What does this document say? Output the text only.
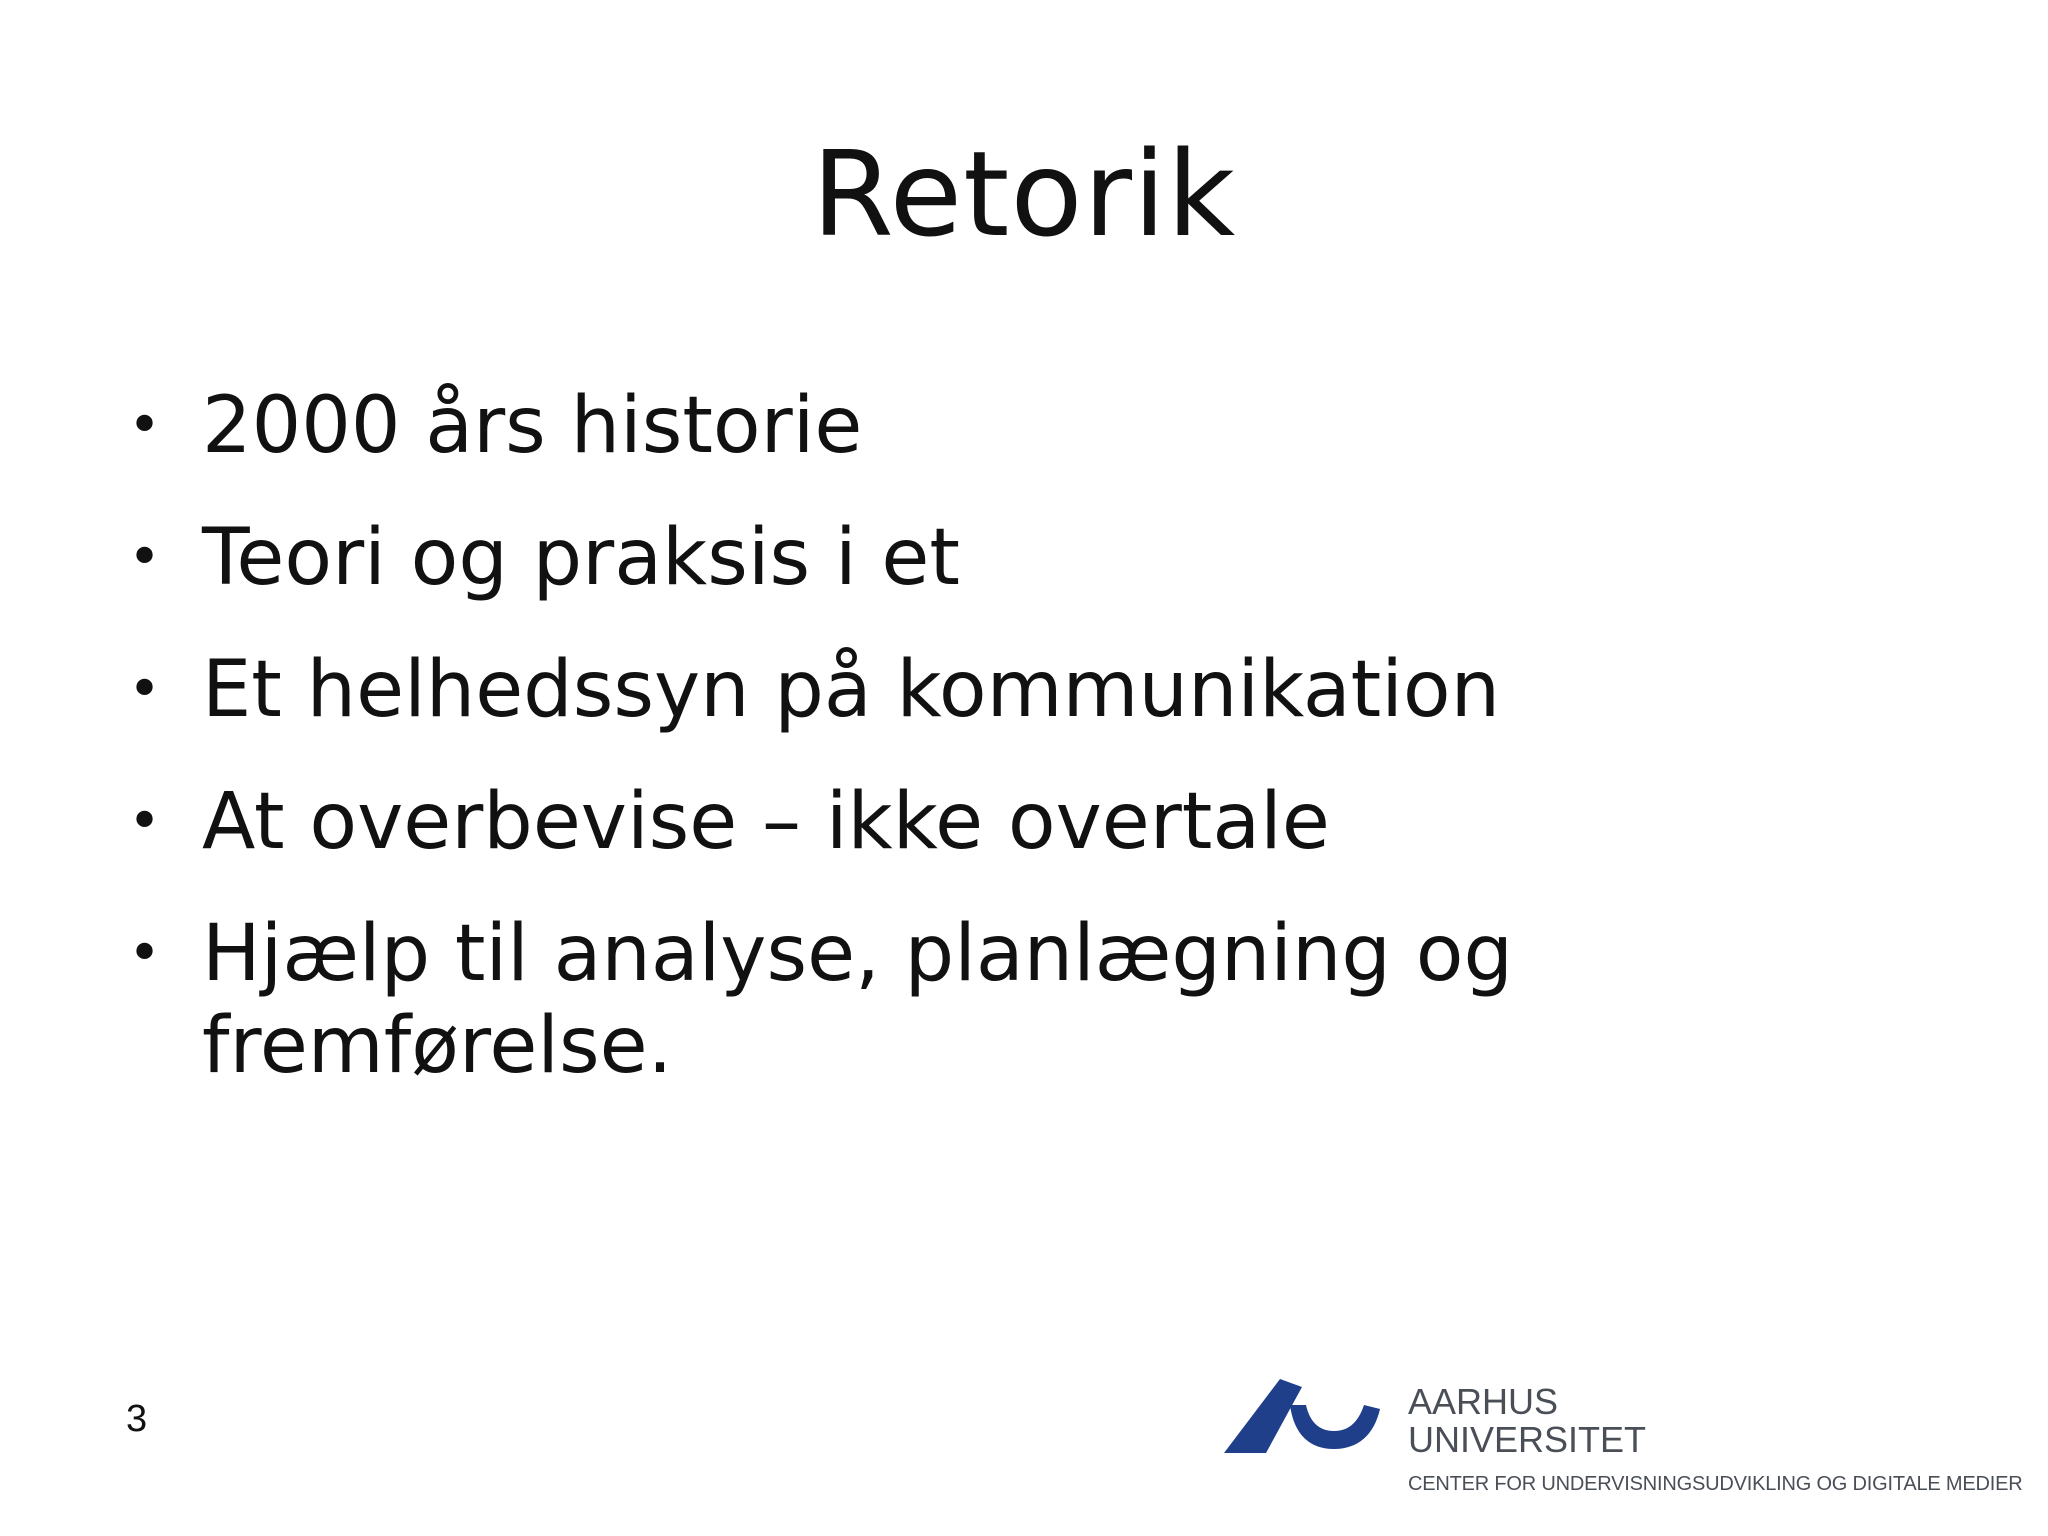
Retorik
• 2000 års historie
• Teori og praksis i et
• Et helhedssyn på kommunikation
• At overbevise – ikke overtale
• Hjælp til analyse, planlægning og fremførelse.
3	AARHUS
UNIVERSITET
CENTER FOR UNDERVISNINGSUDVIKLING OG DIGITALE MEDIER
